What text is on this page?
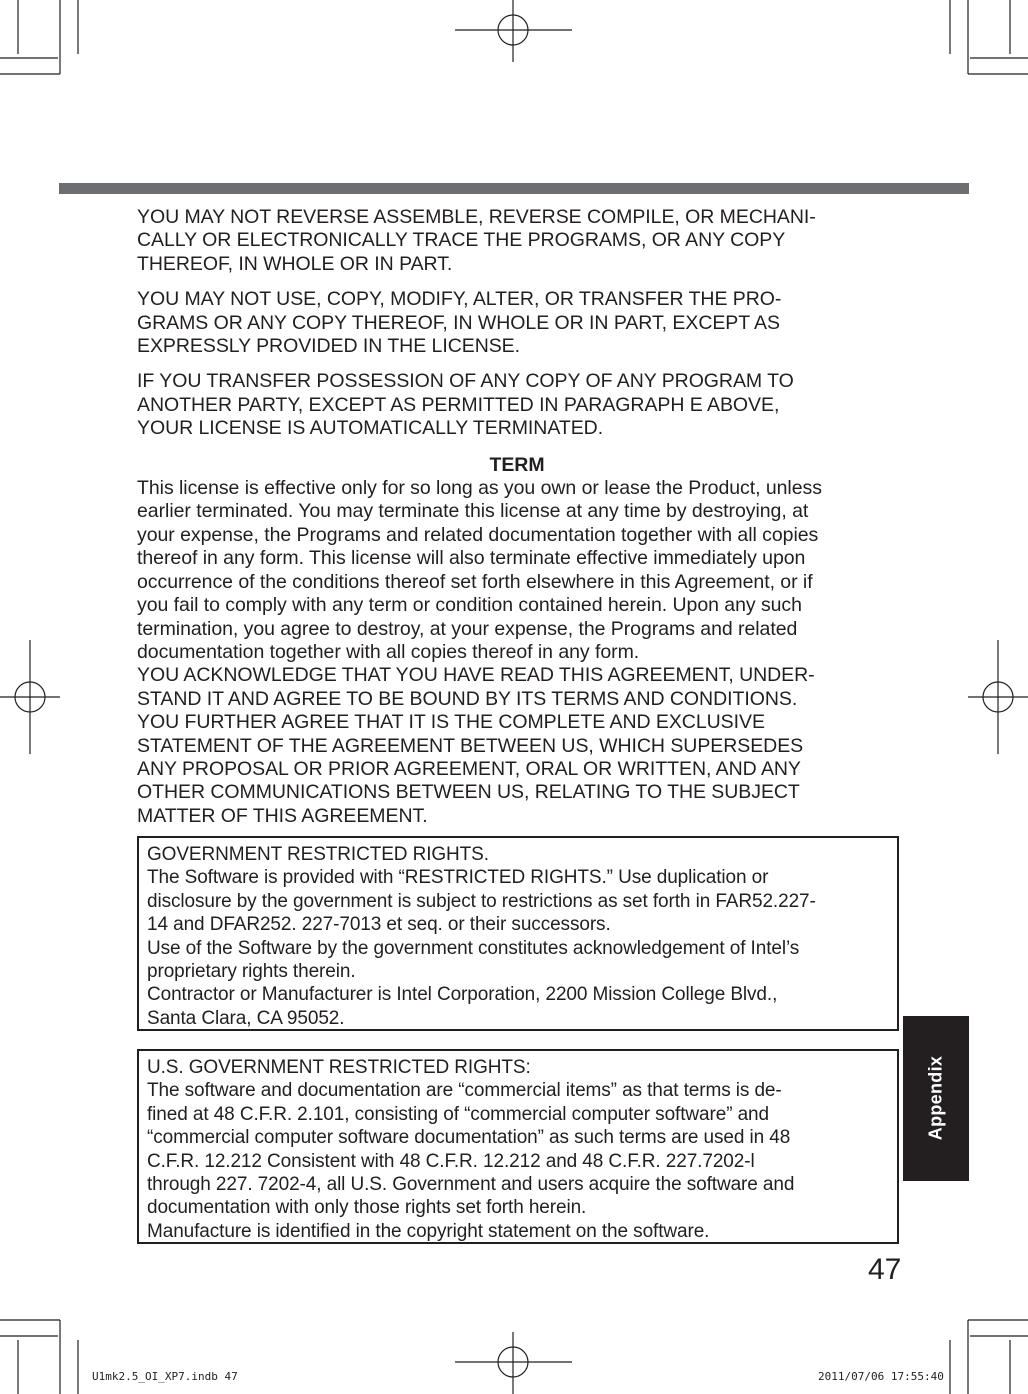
YOU MAY NOT REVERSE ASSEMBLE, REVERSE COMPILE, OR MECHANI-
CALLY OR ELECTRONICALLY TRACE THE PROGRAMS, OR ANY COPY
THEREOF, IN WHOLE OR IN PART.

YOU MAY NOT USE, COPY, MODIFY, ALTER, OR TRANSFER THE PRO-
GRAMS OR ANY COPY THEREOF, IN WHOLE OR IN PART, EXCEPT AS
EXPRESSLY PROVIDED IN THE LICENSE.

IF YOU TRANSFER POSSESSION OF ANY COPY OF ANY PROGRAM TO
ANOTHER PARTY, EXCEPT AS PERMITTED IN PARAGRAPH E ABOVE,
YOUR LICENSE IS AUTOMATICALLY TERMINATED.

TERM

This license is effective only for so long as you own or lease the Product, unless
earlier terminated. You may terminate this license at any time by destroying, at
your expense, the Programs and related documentation together with all copies
thereof in any form. This license will also terminate effective immediately upon
occurrence of the conditions thereof set forth elsewhere in this Agreement, or if
you fail to comply with any term or condition contained herein. Upon any such
termination, you agree to destroy, at your expense, the Programs and related
documentation together with all copies thereof in any form.

YOU ACKNOWLEDGE THAT YOU HAVE READ THIS AGREEMENT, UNDER-
STAND IT AND AGREE TO BE BOUND BY ITS TERMS AND CONDITIONS.
YOU FURTHER AGREE THAT IT IS THE COMPLETE AND EXCLUSIVE
STATEMENT OF THE AGREEMENT BETWEEN US, WHICH SUPERSEDES
ANY PROPOSAL OR PRIOR AGREEMENT, ORAL OR WRITTEN, AND ANY
OTHER COMMUNICATIONS BETWEEN US, RELATING TO THE SUBJECT
MATTER OF THIS AGREEMENT.

GOVERNMENT RESTRICTED RIGHTS.

The Software is provided with “RESTRICTED RIGHTS.” Use duplication or
disclosure by the government is subject to restrictions as set forth in FAR52.227-
14 and DFAR252. 227-7013 et seq. or their successors.

Use of the Software by the government constitutes acknowledgement of Intel’s
proprietary rights therein.

Contractor or Manufacturer is Intel Corporation, 2200 Mission College Blvd.,
Santa Clara, CA 95052.

U.S. GOVERNMENT RESTRICTED RIGHTS:

The software and documentation are “commercial items” as that terms is de-
fined at 48 C.F.R. 2.101, consisting of “commercial computer software” and
“commercial computer software documentation” as such terms are used in 48
C.F.R. 12.212 Consistent with 48 C.F.R. 12.212 and 48 C.F.R. 227.7202-l
through 227. 7202-4, all U.S. Government and users acquire the software and
documentation with only those rights set forth herein.

Manufacture is identified in the copyright statement on the software.

Appendix
47
U1mk2.5_OI_XP7.indb 47	2011/07/06 17:55:40
